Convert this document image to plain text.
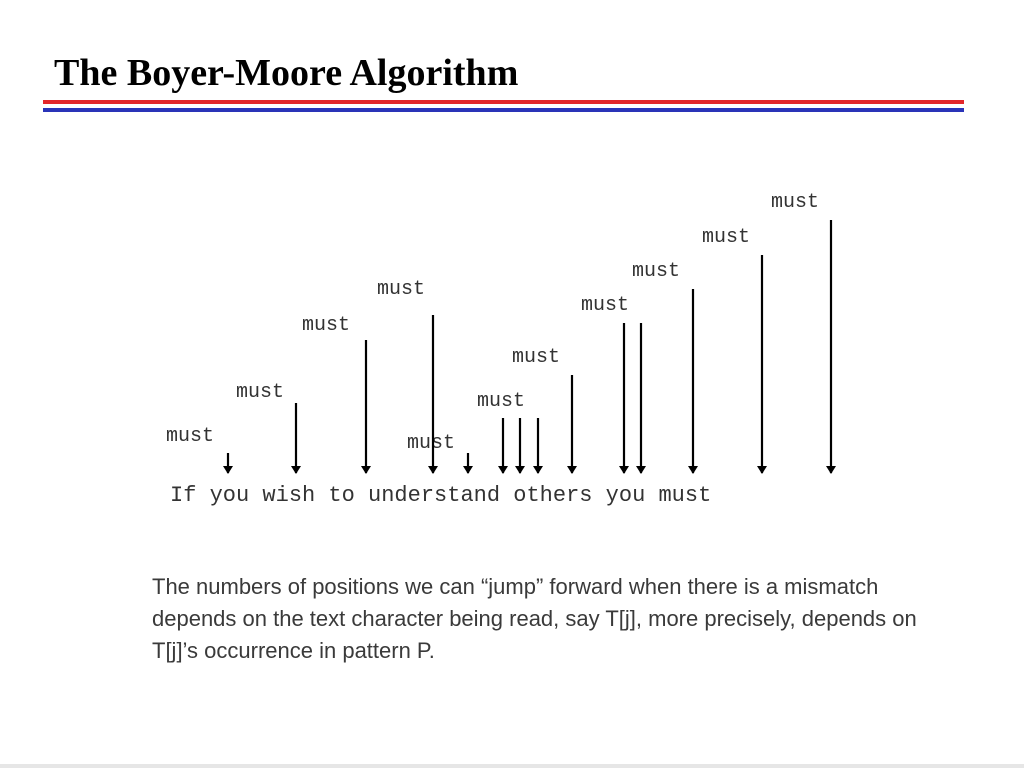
The Boyer-Moore Algorithm
must
must
must
must
must
must
must
must
must
must
must
If you wish to understand others you must
The numbers of positions we can “jump” forward when there is a mismatch depends on the text character being read, say T[j], more precisely, depends on T[j]’s occurrence in pattern P.
